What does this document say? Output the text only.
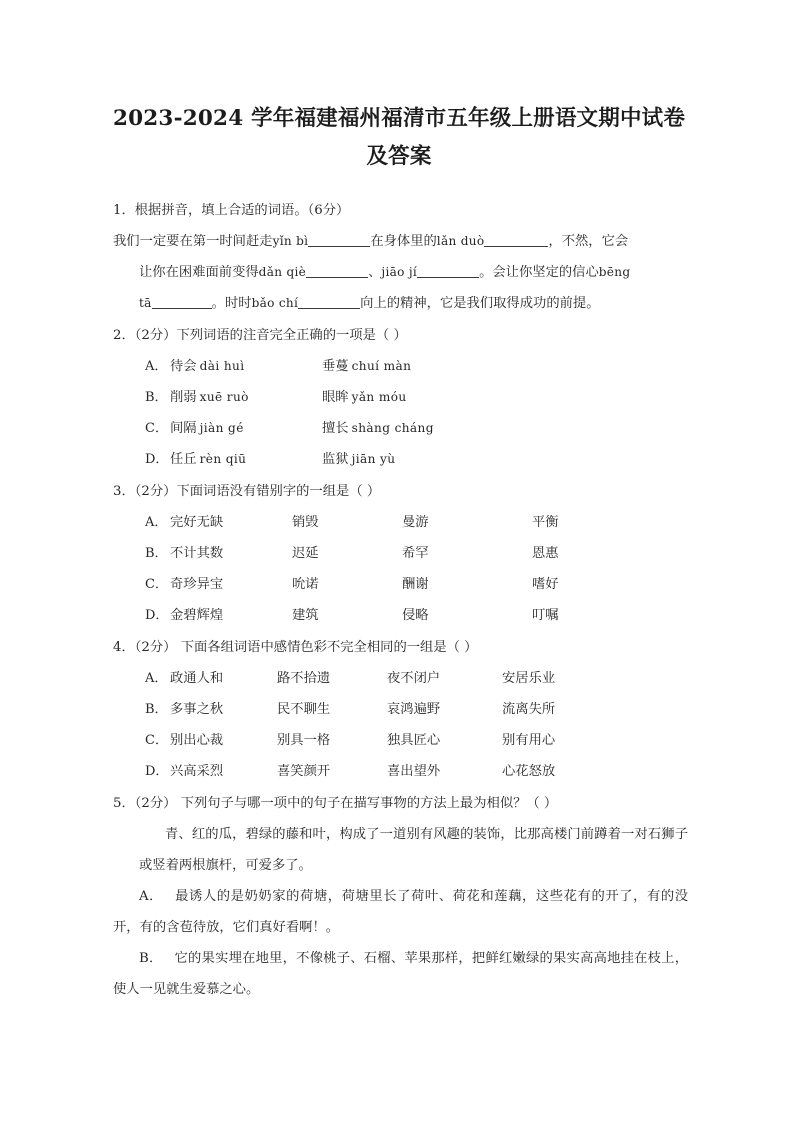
2023-2024 学年福建福州福清市五年级上册语文期中试卷及答案
1．根据拼音，填上合适的词语。（6分）
我们一定要在第一时间赶走yǐn bì	在身体里的lǎn duò	，不然，它会
让你在困难面前变得dǎn qiè	、jiāo jí	。会让你坚定的信心bēng
tā	。时时bǎo chí	向上的精神，它是我们取得成功的前提。
2．（2分）下列词语的注音完全正确的一项是（ ）
A． 待会 dài huì	垂蔓 chuí màn
B． 削弱 xuē ruò	眼眸 yǎn móu
C． 间隔 jiàn gé	擅长 shàng cháng
D． 任丘 rèn qiū	监狱 jiān yù
3．（2分）下面词语没有错别字的一组是（ ）
A． 完好无缺	销毁	曼游	平衡
B． 不计其数	迟延	希罕	恩惠
C． 奇珍异宝	吮诺	酬谢	嗜好
D． 金碧辉煌	建筑	侵略	叮嘱
4．（2分） 下面各组词语中感情色彩不完全相同的一组是（ ）
A． 政通人和	路不拾遗	夜不闭户	安居乐业
B． 多事之秋	民不聊生	哀鸿遍野	流离失所
C． 别出心裁	别具一格	独具匠心	别有用心
D． 兴高采烈	喜笑颜开	喜出望外	心花怒放
5．（2分） 下列句子与哪一项中的句子在描写事物的方法上最为相似？（ ）

青、红的瓜，碧绿的藤和叶，构成了一道别有风趣的装饰，比那高楼门前蹲着一对石狮子或竖着两根旗杆，可爱多了。

A． 最诱人的是奶奶家的荷塘，荷塘里长了荷叶、荷花和莲藕，这些花有的开了，有的没开，有的含苞待放，它们真好看啊！。

B． 它的果实埋在地里，不像桃子、石榴、苹果那样，把鲜红嫩绿的果实高高地挂在枝上，使人一见就生爱慕之心。
